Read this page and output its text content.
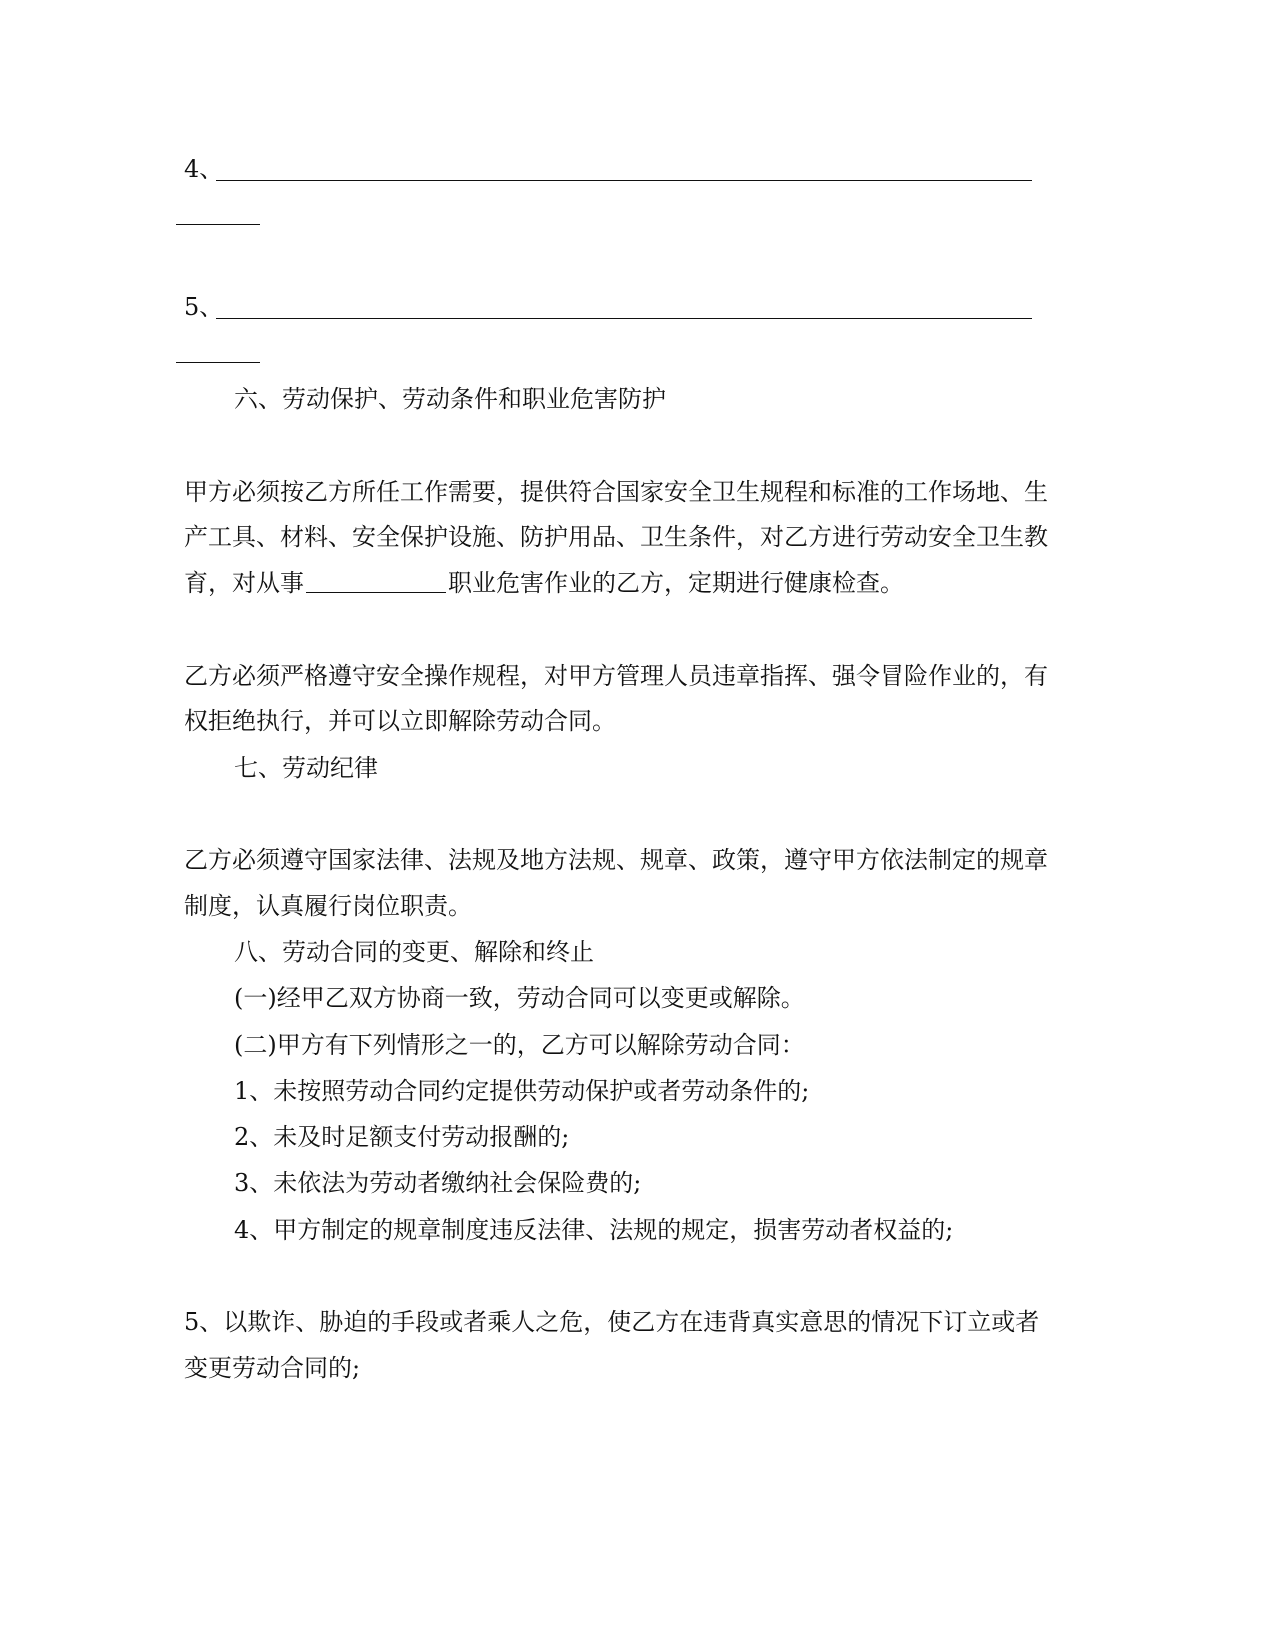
4、
5、
六、劳动保护、劳动条件和职业危害防护
甲方必须按乙方所任工作需要，提供符合国家安全卫生规程和标准的工作场地、生
产工具、材料、安全保护设施、防护用品、卫生条件，对乙方进行劳动安全卫生教
育，对从事	职业危害作业的乙方，定期进行健康检查。
乙方必须严格遵守安全操作规程，对甲方管理人员违章指挥、强令冒险作业的，有
权拒绝执行，并可以立即解除劳动合同。
七、劳动纪律
乙方必须遵守国家法律、法规及地方法规、规章、政策，遵守甲方依法制定的规章
制度，认真履行岗位职责。
八、劳动合同的变更、解除和终止
(一)经甲乙双方协商一致，劳动合同可以变更或解除。
(二)甲方有下列情形之一的，乙方可以解除劳动合同：
1、未按照劳动合同约定提供劳动保护或者劳动条件的;
2、未及时足额支付劳动报酬的;
3、未依法为劳动者缴纳社会保险费的;
4、甲方制定的规章制度违反法律、法规的规定，损害劳动者权益的;
5、以欺诈、胁迫的手段或者乘人之危，使乙方在违背真实意思的情况下订立或者
变更劳动合同的;
